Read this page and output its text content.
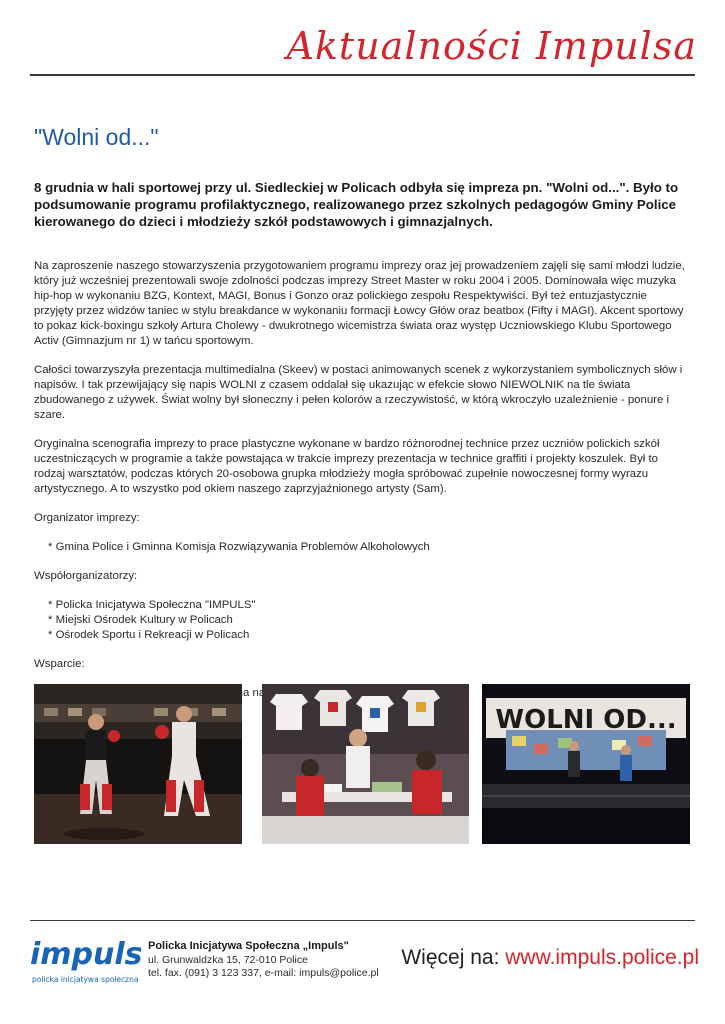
Aktualności Impulsa
"Wolni od..."

8 grudnia w hali sportowej przy ul. Siedleckiej w Policach odbyła się impreza pn. "Wolni od...". Było to podsumowanie programu profilaktycznego, realizowanego przez szkolnych pedagogów Gminy Police kierowanego do dzieci i młodzieży szkół podstawowych i gimnazjalnych.

Na zaproszenie naszego stowarzyszenia przygotowaniem programu imprezy oraz jej prowadzeniem zajęli się sami młodzi ludzie, który już wcześniej prezentowali swoje zdolności podczas imprezy Street Master w roku 2004 i 2005. Dominowała więc muzyka hip-hop w wykonaniu BZG, Kontext, MAGI, Bonus i Gonzo oraz polickiego zespołu Respektywiści. Był też entuzjastycznie przyjęty przez widzów taniec w stylu breakdance w wykonaniu formacji Łowcy Głów oraz beatbox (Fifty i MAGI). Akcent sportowy to pokaz kick-boxingu szkoły Artura Cholewy - dwukrotnego wicemistrza świata oraz występ Uczniowskiego Klubu Sportowego Activ (Gimnazjum nr 1) w tańcu sportowym.

Całości towarzyszyła prezentacja multimedialna (Skeev) w postaci animowanych scenek z wykorzystaniem symbolicznych słów i napisów. I tak przewijający się napis WOLNI z czasem oddalał się ukazując w efekcie słowo NIEWOLNIK na tle świata zbudowanego z używek. Świat wolny był słoneczny i pełen kolorów a rzeczywistość, w którą wkroczyło uzależnienie - ponure i szare.

Oryginalna scenografia imprezy to prace plastyczne wykonane w bardzo różnorodnej technice przez uczniów polickich szkół uczestniczących w programie a także powstająca w trakcie imprezy prezentacja w technice graffiti i projekty koszulek. Był to rodzaj warsztatów, podczas których 20-osobowa grupka młodzieży mogła spróbować zupełnie nowoczesnej formy wyrazu artystycznego. A to wszystko pod okiem naszego zaprzyjaźnionego artysty (Sam).

Organizator imprezy:

* Gmina Police i Gminna Komisja Rozwiązywania Problemów Alkoholowych

Współorganizatorzy:

* Policka Inicjatywa Społeczna "IMPULS"
* Miejski Ośrodek Kultury w Policach
* Ośrodek Sportu i Rekreacji w Policach

Wsparcie:

na
WOLNI OD...
impuls
policka inicjatywa społeczna
Policka Inicjatywa Społeczna „Impuls"
ul. Grunwaldzka 15, 72-010 Police
tel. fax. (091) 3 123 337, e-mail: impuls@police.pl
Więcej na: www.impuls.police.pl
